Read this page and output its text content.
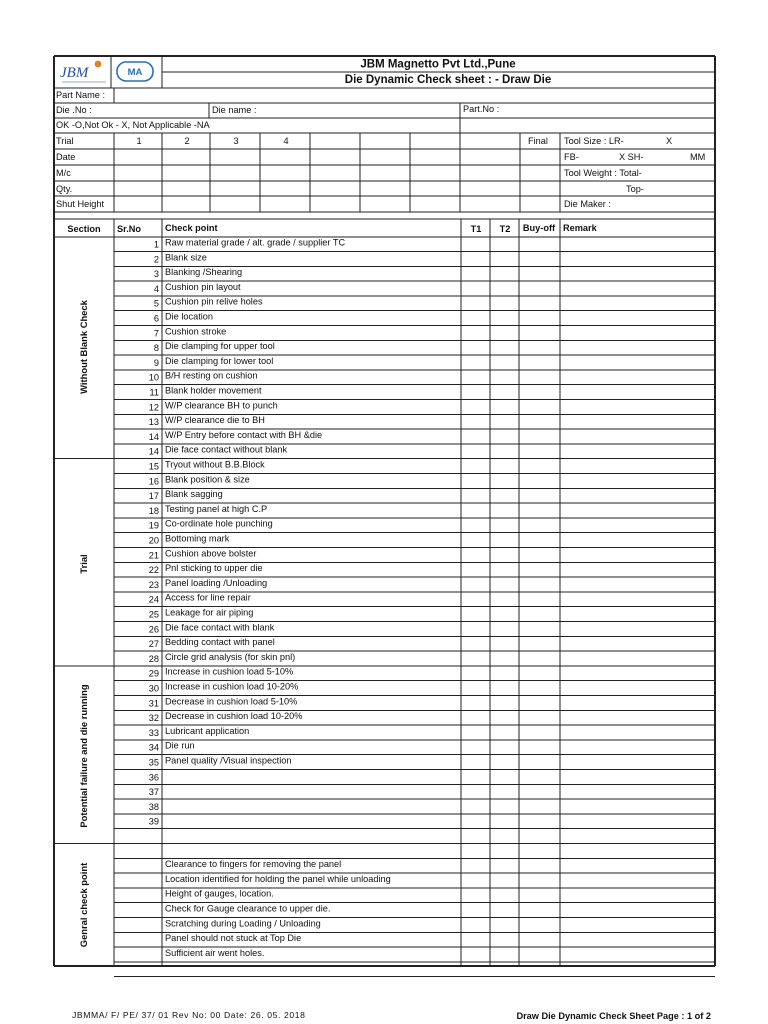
JBM	MA
JBM Magnetto Pvt Ltd.,Pune
Die Dynamic Check sheet : - Draw Die
Part Name :
Die .No :	Die name :	Part.No :
OK -O,Not Ok - X, Not Applicable -NA
Trial	1	2	3	4	Final
Date
M/c
Qty.
Shut Height
Tool Size : LR-	X
FB-	X SH-	MM
Tool Weight : Total-
Top-
Die Maker :
Section Sr.No	Check point	T1 T2 Buy-off Remark
Without Blank Check
Trial
Potential failure and die running
Genral check point
1 Raw material grade / alt. grade / supplier TC
2 Blank size
3 Blanking /Shearing
4 Cushion pin layout
5 Cushion pin relive holes
6 Die location
7 Cushion stroke
8 Die clamping for upper tool
9 Die clamping for lower tool
10 B/H resting on cushion
11 Blank holder movement
12 W/P clearance BH to punch
13 W/P clearance die to BH
14 W/P Entry before contact with BH &die
14 Die face contact without blank
15 Tryout without B.B.Block
16 Blank position & size
17 Blank sagging
18 Testing panel at high C.P
19 Co-ordinate hole punching
20 Bottoming mark
21 Cushion above bolster
22 Pnl sticking to upper die
23 Panel loading /Unloading
24 Access for line repair
25 Leakage for air piping
26 Die face contact with blank
27 Bedding contact with panel
28 Circle grid analysis (for skin pnl)
29 Increase in cushion load 5-10%
30 Increase in cushion load 10-20%
31 Decrease in cushion load 5-10%
32 Decrease in cushion load 10-20%
33 Lubricant application
34 Die run
35 Panel quality /Visual inspection
36
37
38
39
Clearance to fingers for removing the panel
Location identified for holding the panel while unloading
Height of gauges, location.
Check for Gauge clearance to upper die.
Scratching during Loading / Unloading
Panel should not stuck at Top Die
Sufficient air went holes.
JBMMA/ F/ PE/ 37/ 01 Rev No: 00 Date: 26. 05. 2018	Draw Die Dynamic Check Sheet Page : 1 of 2
